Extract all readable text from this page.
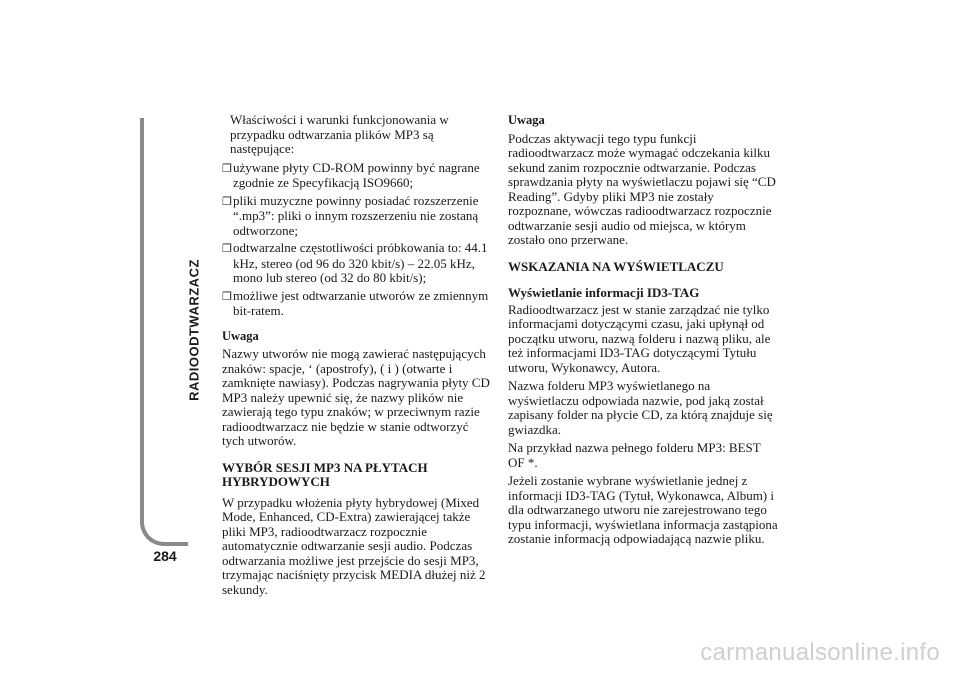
RADIOODTWARZACZ
284

Właściwości i warunki funkcjonowania w przypadku odtwarzania plików MP3 są następujące:

❒używane płyty CD-ROM powinny być nagrane zgodnie ze Specyfikacją ISO9660;

❒pliki muzyczne powinny posiadać rozszerzenie “.mp3”: pliki o innym rozszerzeniu nie zostaną odtworzone;

❒odtwarzalne częstotliwości próbkowania to: 44.1 kHz, stereo (od 96 do 320 kbit/s) – 22.05 kHz, mono lub stereo (od 32 do 80 kbit/s);

❒możliwe jest odtwarzanie utworów ze zmiennym bit-ratem.

Uwaga

Nazwy utworów nie mogą zawierać następujących znaków: spacje, ‘ (apostrofy), ( i ) (otwarte i zamknięte nawiasy). Podczas nagrywania płyty CD MP3 należy upewnić się, że nazwy plików nie zawierają tego typu znaków; w przeciwnym razie radioodtwarzacz nie będzie w stanie odtworzyć tych utworów.

WYBÓR SESJI MP3 NA PŁYTACH HYBRYDOWYCH

W przypadku włożenia płyty hybrydowej (Mixed Mode, Enhanced, CD-Extra) zawierającej także pliki MP3, radioodtwarzacz rozpocznie automatycznie odtwarzanie sesji audio. Podczas odtwarzania możliwe jest przejście do sesji MP3, trzymając naciśnięty przycisk MEDIA dłużej niż 2 sekundy.

Uwaga

Podczas aktywacji tego typu funkcji radioodtwarzacz może wymagać odczekania kilku sekund zanim rozpocznie odtwarzanie. Podczas sprawdzania płyty na wyświetlaczu pojawi się “CD Reading”. Gdyby pliki MP3 nie zostały rozpoznane, wówczas radioodtwarzacz rozpocznie odtwarzanie sesji audio od miejsca, w którym zostało ono przerwane.

WSKAZANIA NA WYŚWIETLACZU

Wyświetlanie informacji ID3-TAG

Radioodtwarzacz jest w stanie zarządzać nie tylko informacjami dotyczącymi czasu, jaki upłynął od początku utworu, nazwą folderu i nazwą pliku, ale też informacjami ID3-TAG dotyczącymi Tytułu utworu, Wykonawcy, Autora.

Nazwa folderu MP3 wyświetlanego na wyświetlaczu odpowiada nazwie, pod jaką został zapisany folder na płycie CD, za którą znajduje się gwiazdka.

Na przykład nazwa pełnego folderu MP3: BEST OF *.

Jeżeli zostanie wybrane wyświetlanie jednej z informacji ID3-TAG (Tytuł, Wykonawca, Album) i dla odtwarzanego utworu nie zarejestrowano tego typu informacji, wyświetlana informacja zastąpiona zostanie informacją odpowiadającą nazwie pliku.

carmanualsonline.info
